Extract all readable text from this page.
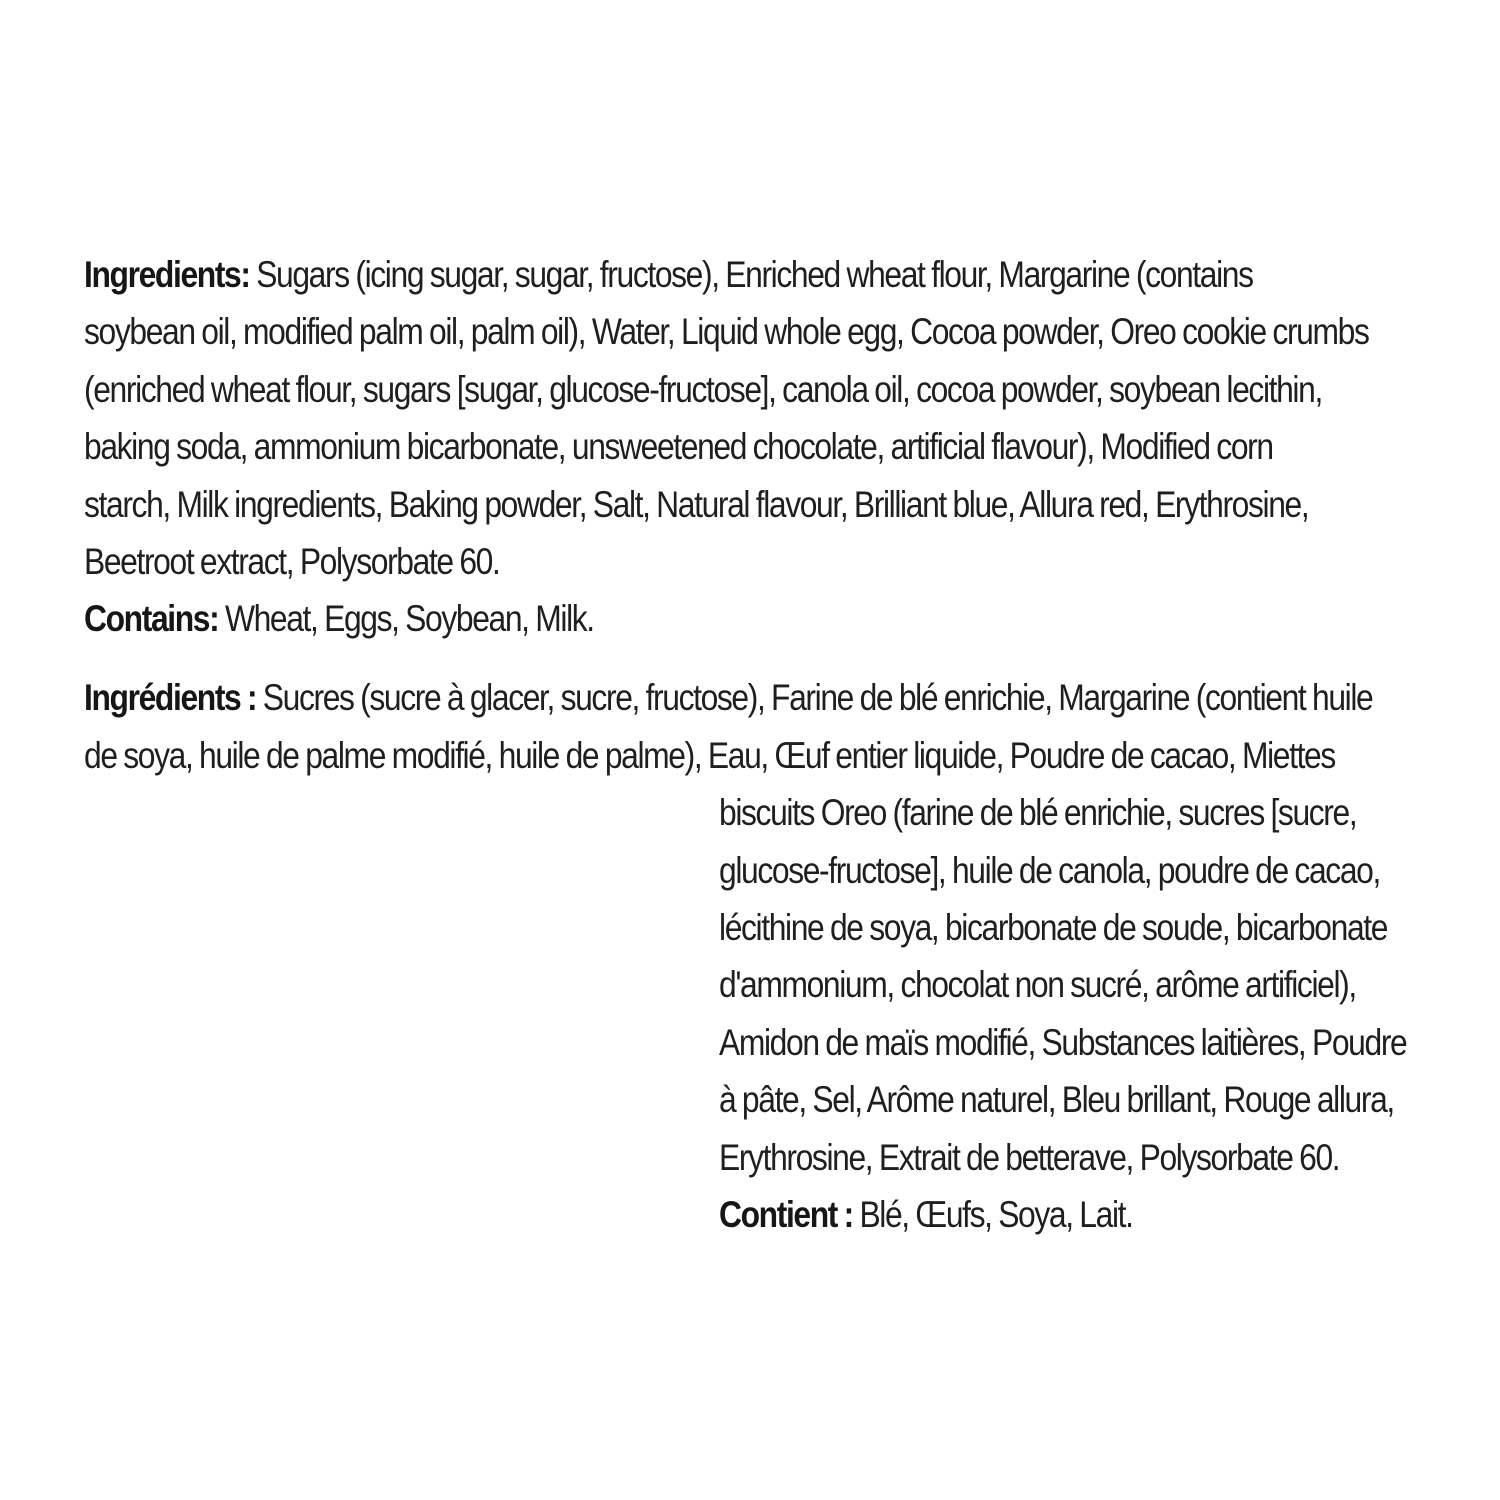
Ingredients: Sugars (icing sugar, sugar, fructose), Enriched wheat flour, Margarine (contains
soybean oil, modified palm oil, palm oil), Water, Liquid whole egg, Cocoa powder, Oreo cookie crumbs
(enriched wheat flour, sugars [sugar, glucose-fructose], canola oil, cocoa powder, soybean lecithin,
baking soda, ammonium bicarbonate, unsweetened chocolate, artificial flavour), Modified corn
starch, Milk ingredients, Baking powder, Salt, Natural flavour, Brilliant blue, Allura red, Erythrosine,
Beetroot extract, Polysorbate 60.
Contains: Wheat, Eggs, Soybean, Milk.
Ingrédients : Sucres (sucre à glacer, sucre, fructose), Farine de blé enrichie, Margarine (contient huile
de soya, huile de palme modifié, huile de palme), Eau, Œuf entier liquide, Poudre de cacao, Miettes
biscuits Oreo (farine de blé enrichie, sucres [sucre,
glucose-fructose], huile de canola, poudre de cacao,
lécithine de soya, bicarbonate de soude, bicarbonate
d'ammonium, chocolat non sucré, arôme artificiel),
Amidon de maïs modifié, Substances laitières, Poudre
à pâte, Sel, Arôme naturel, Bleu brillant, Rouge allura,
Erythrosine, Extrait de betterave, Polysorbate 60.
Contient : Blé, Œufs, Soya, Lait.
